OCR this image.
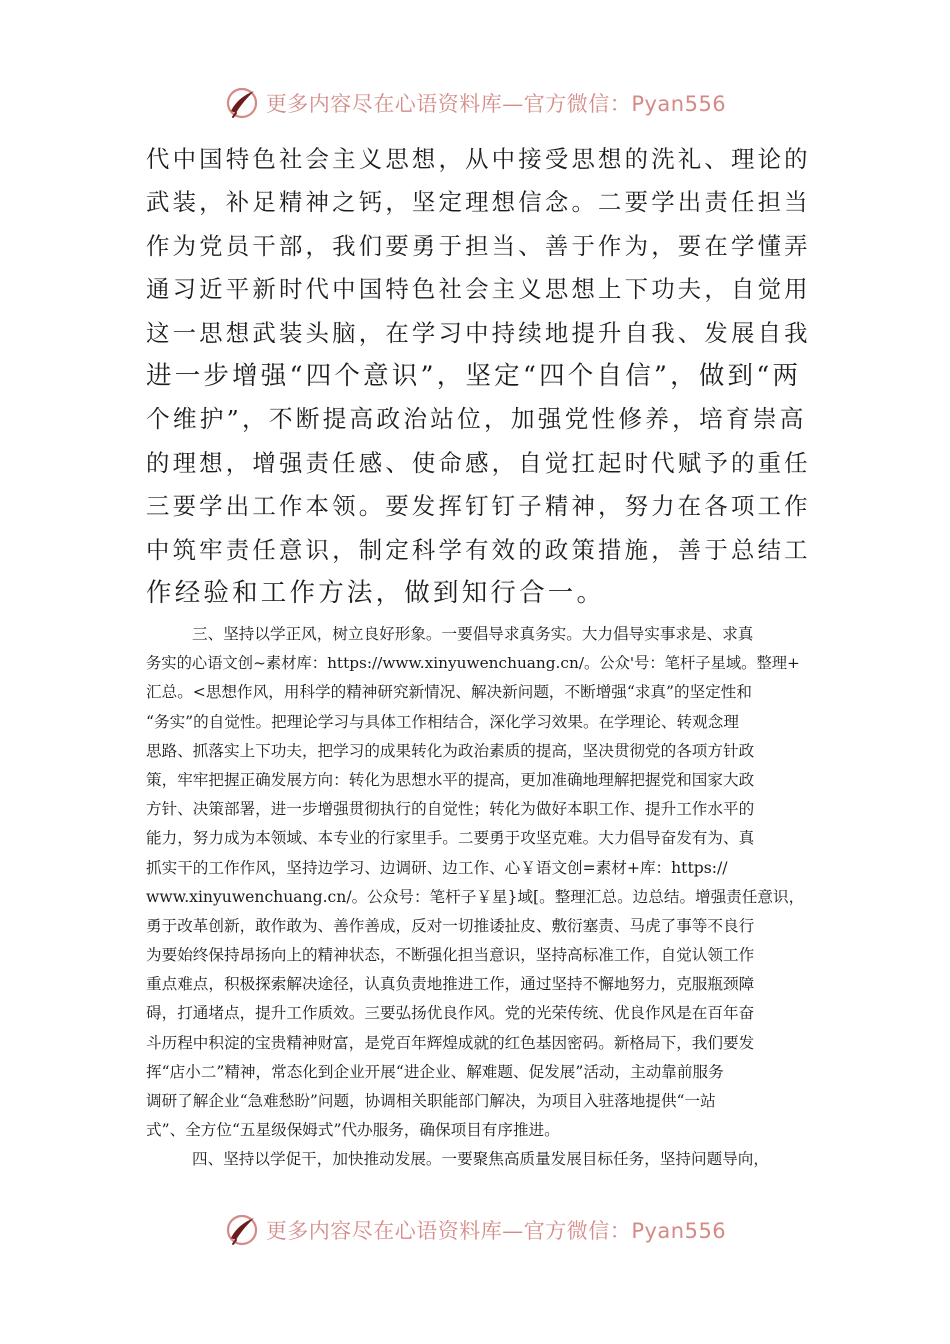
更多内容尽在心语资料库—官方微信：Pyan556
代中国特色社会主义思想，从中接受思想的洗礼、理论的
武装，补足精神之钙，坚定理想信念。二要学出责任担当
作为党员干部，我们要勇于担当、善于作为，要在学懂弄
通习近平新时代中国特色社会主义思想上下功夫，自觉用
这一思想武装头脑，在学习中持续地提升自我、发展自我
进一步增强“四个意识”，坚定“四个自信”，做到“两
个维护”，不断提高政治站位，加强党性修养，培育崇高
的理想，增强责任感、使命感，自觉扛起时代赋予的重任
三要学出工作本领。要发挥钉钉子精神，努力在各项工作
中筑牢责任意识，制定科学有效的政策措施，善于总结工
作经验和工作方法，做到知行合一。
三、坚持以学正风，树立良好形象。一要倡导求真务实。大力倡导实事求是、求真
务实的心语文创~素材库：https://www.xinyuwenchuang.cn/。公众'号：笔杆子星域。整理+
汇总。<思想作风，用科学的精神研究新情况、解决新问题，不断增强“求真”的坚定性和
“务实”的自觉性。把理论学习与具体工作相结合，深化学习效果。在学理论、转观念理
思路、抓落实上下功夫，把学习的成果转化为政治素质的提高，坚决贯彻党的各项方针政
策，牢牢把握正确发展方向：转化为思想水平的提高，更加准确地理解把握党和国家大政
方针、决策部署，进一步增强贯彻执行的自觉性；转化为做好本职工作、提升工作水平的
能力，努力成为本领域、本专业的行家里手。二要勇于攻坚克难。大力倡导奋发有为、真
抓实干的工作作风，坚持边学习、边调研、边工作、心￥语文创=素材+库：https://
www.xinyuwenchuang.cn/。公众号：笔杆子￥星}域[。整理汇总。边总结。增强责任意识，
勇于改革创新，敢作敢为、善作善成，反对一切推诿扯皮、敷衍塞责、马虎了事等不良行
为要始终保持昂扬向上的精神状态，不断强化担当意识，坚持高标准工作，自觉认领工作
重点难点，积极探索解决途径，认真负责地推进工作，通过坚持不懈地努力，克服瓶颈障
碍，打通堵点，提升工作质效。三要弘扬优良作风。党的光荣传统、优良作风是在百年奋
斗历程中积淀的宝贵精神财富，是党百年辉煌成就的红色基因密码。新格局下，我们要发
挥“店小二”精神，常态化到企业开展“进企业、解难题、促发展”活动，主动靠前服务
调研了解企业“急难愁盼”问题，协调相关职能部门解决，为项目入驻落地提供“一站
式”、全方位“五星级保姆式”代办服务，确保项目有序推进。
四、坚持以学促干，加快推动发展。一要聚焦高质量发展目标任务，坚持问题导向，
更多内容尽在心语资料库—官方微信：Pyan556
